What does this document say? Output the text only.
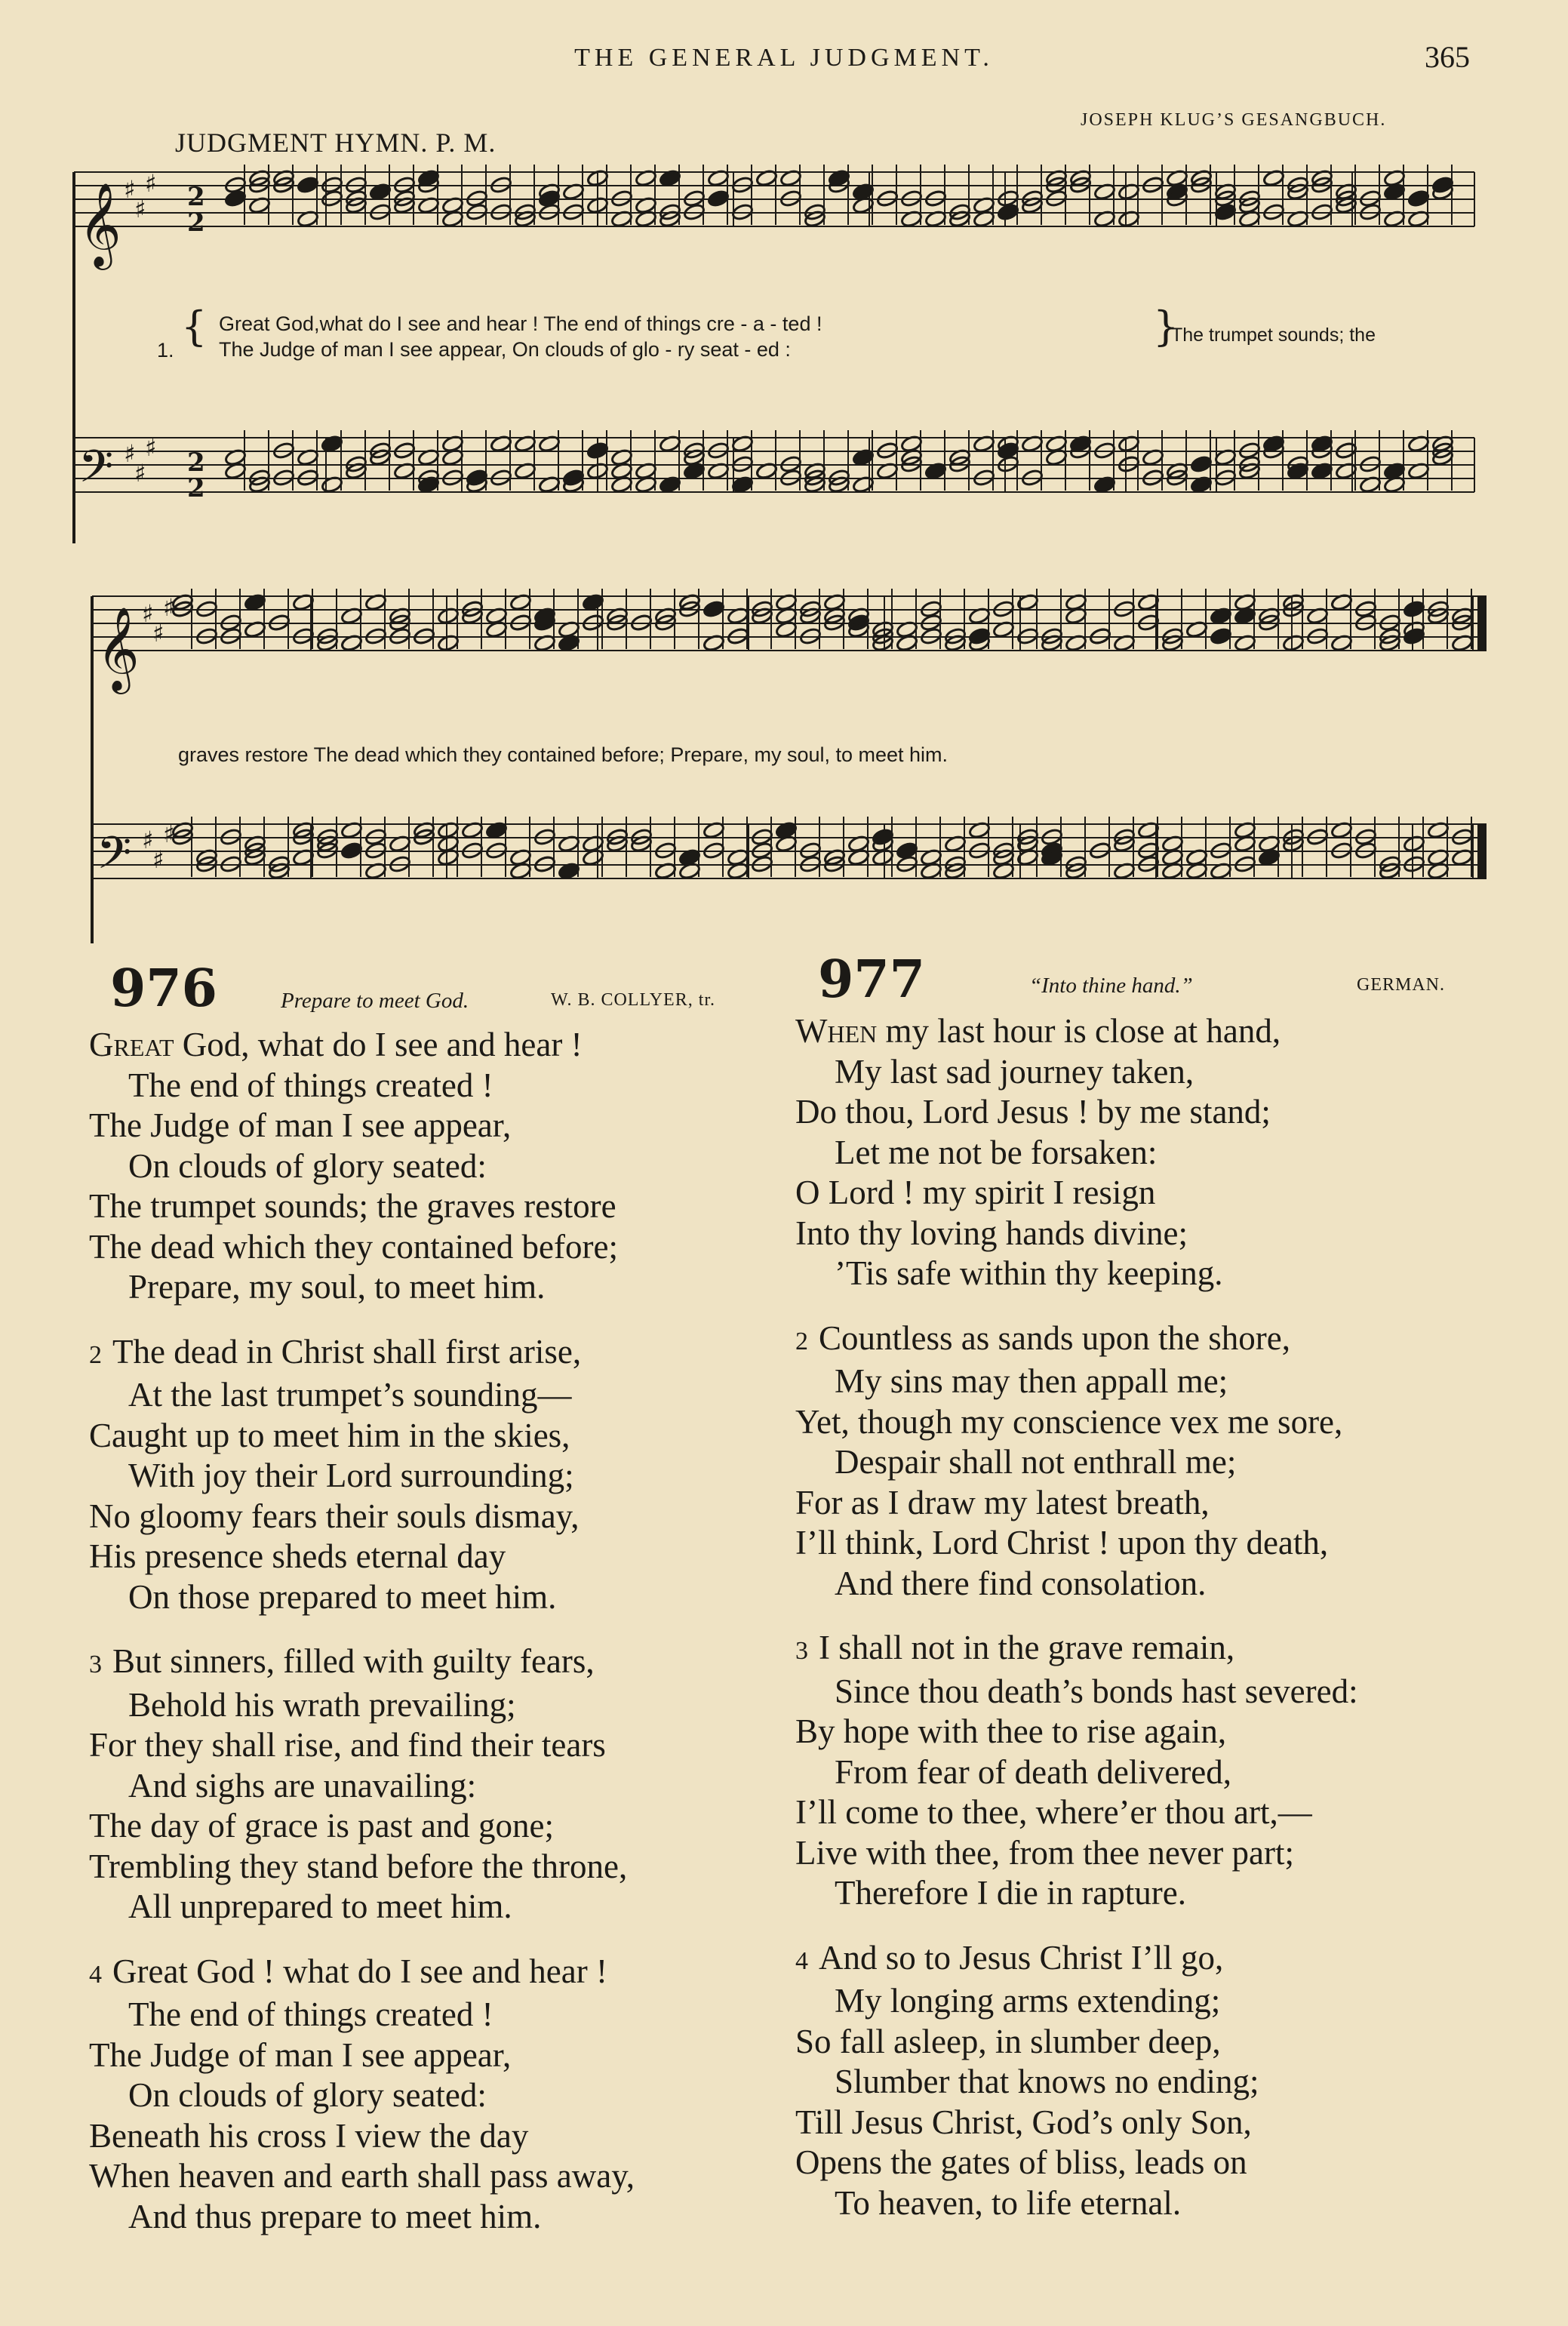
THE GENERAL JUDGMENT.	365
JUDGMENT HYMN. P. M.
JOSEPH KLUG’S GESANGBUCH.
𝄞 ♯
♯
♯ 2
2
𝄢 ♯
♯
♯ 2
2
1. { Great God,what do I see and hear ! The end of things cre - a - ted !
The Judge of man I see appear, On clouds of glo - ry seat - ed :	}
The trumpet sounds; the
𝄞 ♯
♯
♯
𝄢 ♯
♯
♯
graves restore The dead which they contained before; Prepare, my soul, to meet him.
976	Prepare to meet God.	W. B. COLLYER, tr. 977	“Into thine hand.”	GERMAN.
Great God, what do I see and hear !
The end of things created !
The Judge of man I see appear,
On clouds of glory seated:
The trumpet sounds; the graves restore
The dead which they contained before;
Prepare, my soul, to meet him.
2 The dead in Christ shall first arise,
At the last trumpet’s sounding—
Caught up to meet him in the skies,
With joy their Lord surrounding;
No gloomy fears their souls dismay,
His presence sheds eternal day
On those prepared to meet him.
3 But sinners, filled with guilty fears,
Behold his wrath prevailing;
For they shall rise, and find their tears
And sighs are unavailing:
The day of grace is past and gone;
Trembling they stand before the throne,
All unprepared to meet him.
4 Great God ! what do I see and hear !
The end of things created !
The Judge of man I see appear,
On clouds of glory seated:
Beneath his cross I view the day
When heaven and earth shall pass away,
And thus prepare to meet him.
When my last hour is close at hand,
My last sad journey taken,
Do thou, Lord Jesus ! by me stand;
Let me not be forsaken:
O Lord ! my spirit I resign
Into thy loving hands divine;
’Tis safe within thy keeping.
2 Countless as sands upon the shore,
My sins may then appall me;
Yet, though my conscience vex me sore,
Despair shall not enthrall me;
For as I draw my latest breath,
I’ll think, Lord Christ ! upon thy death,
And there find consolation.
3 I shall not in the grave remain,
Since thou death’s bonds hast severed:
By hope with thee to rise again,
From fear of death delivered,
I’ll come to thee, where’er thou art,—
Live with thee, from thee never part;
Therefore I die in rapture.
4 And so to Jesus Christ I’ll go,
My longing arms extending;
So fall asleep, in slumber deep,
Slumber that knows no ending;
Till Jesus Christ, God’s only Son,
Opens the gates of bliss, leads on
To heaven, to life eternal.
